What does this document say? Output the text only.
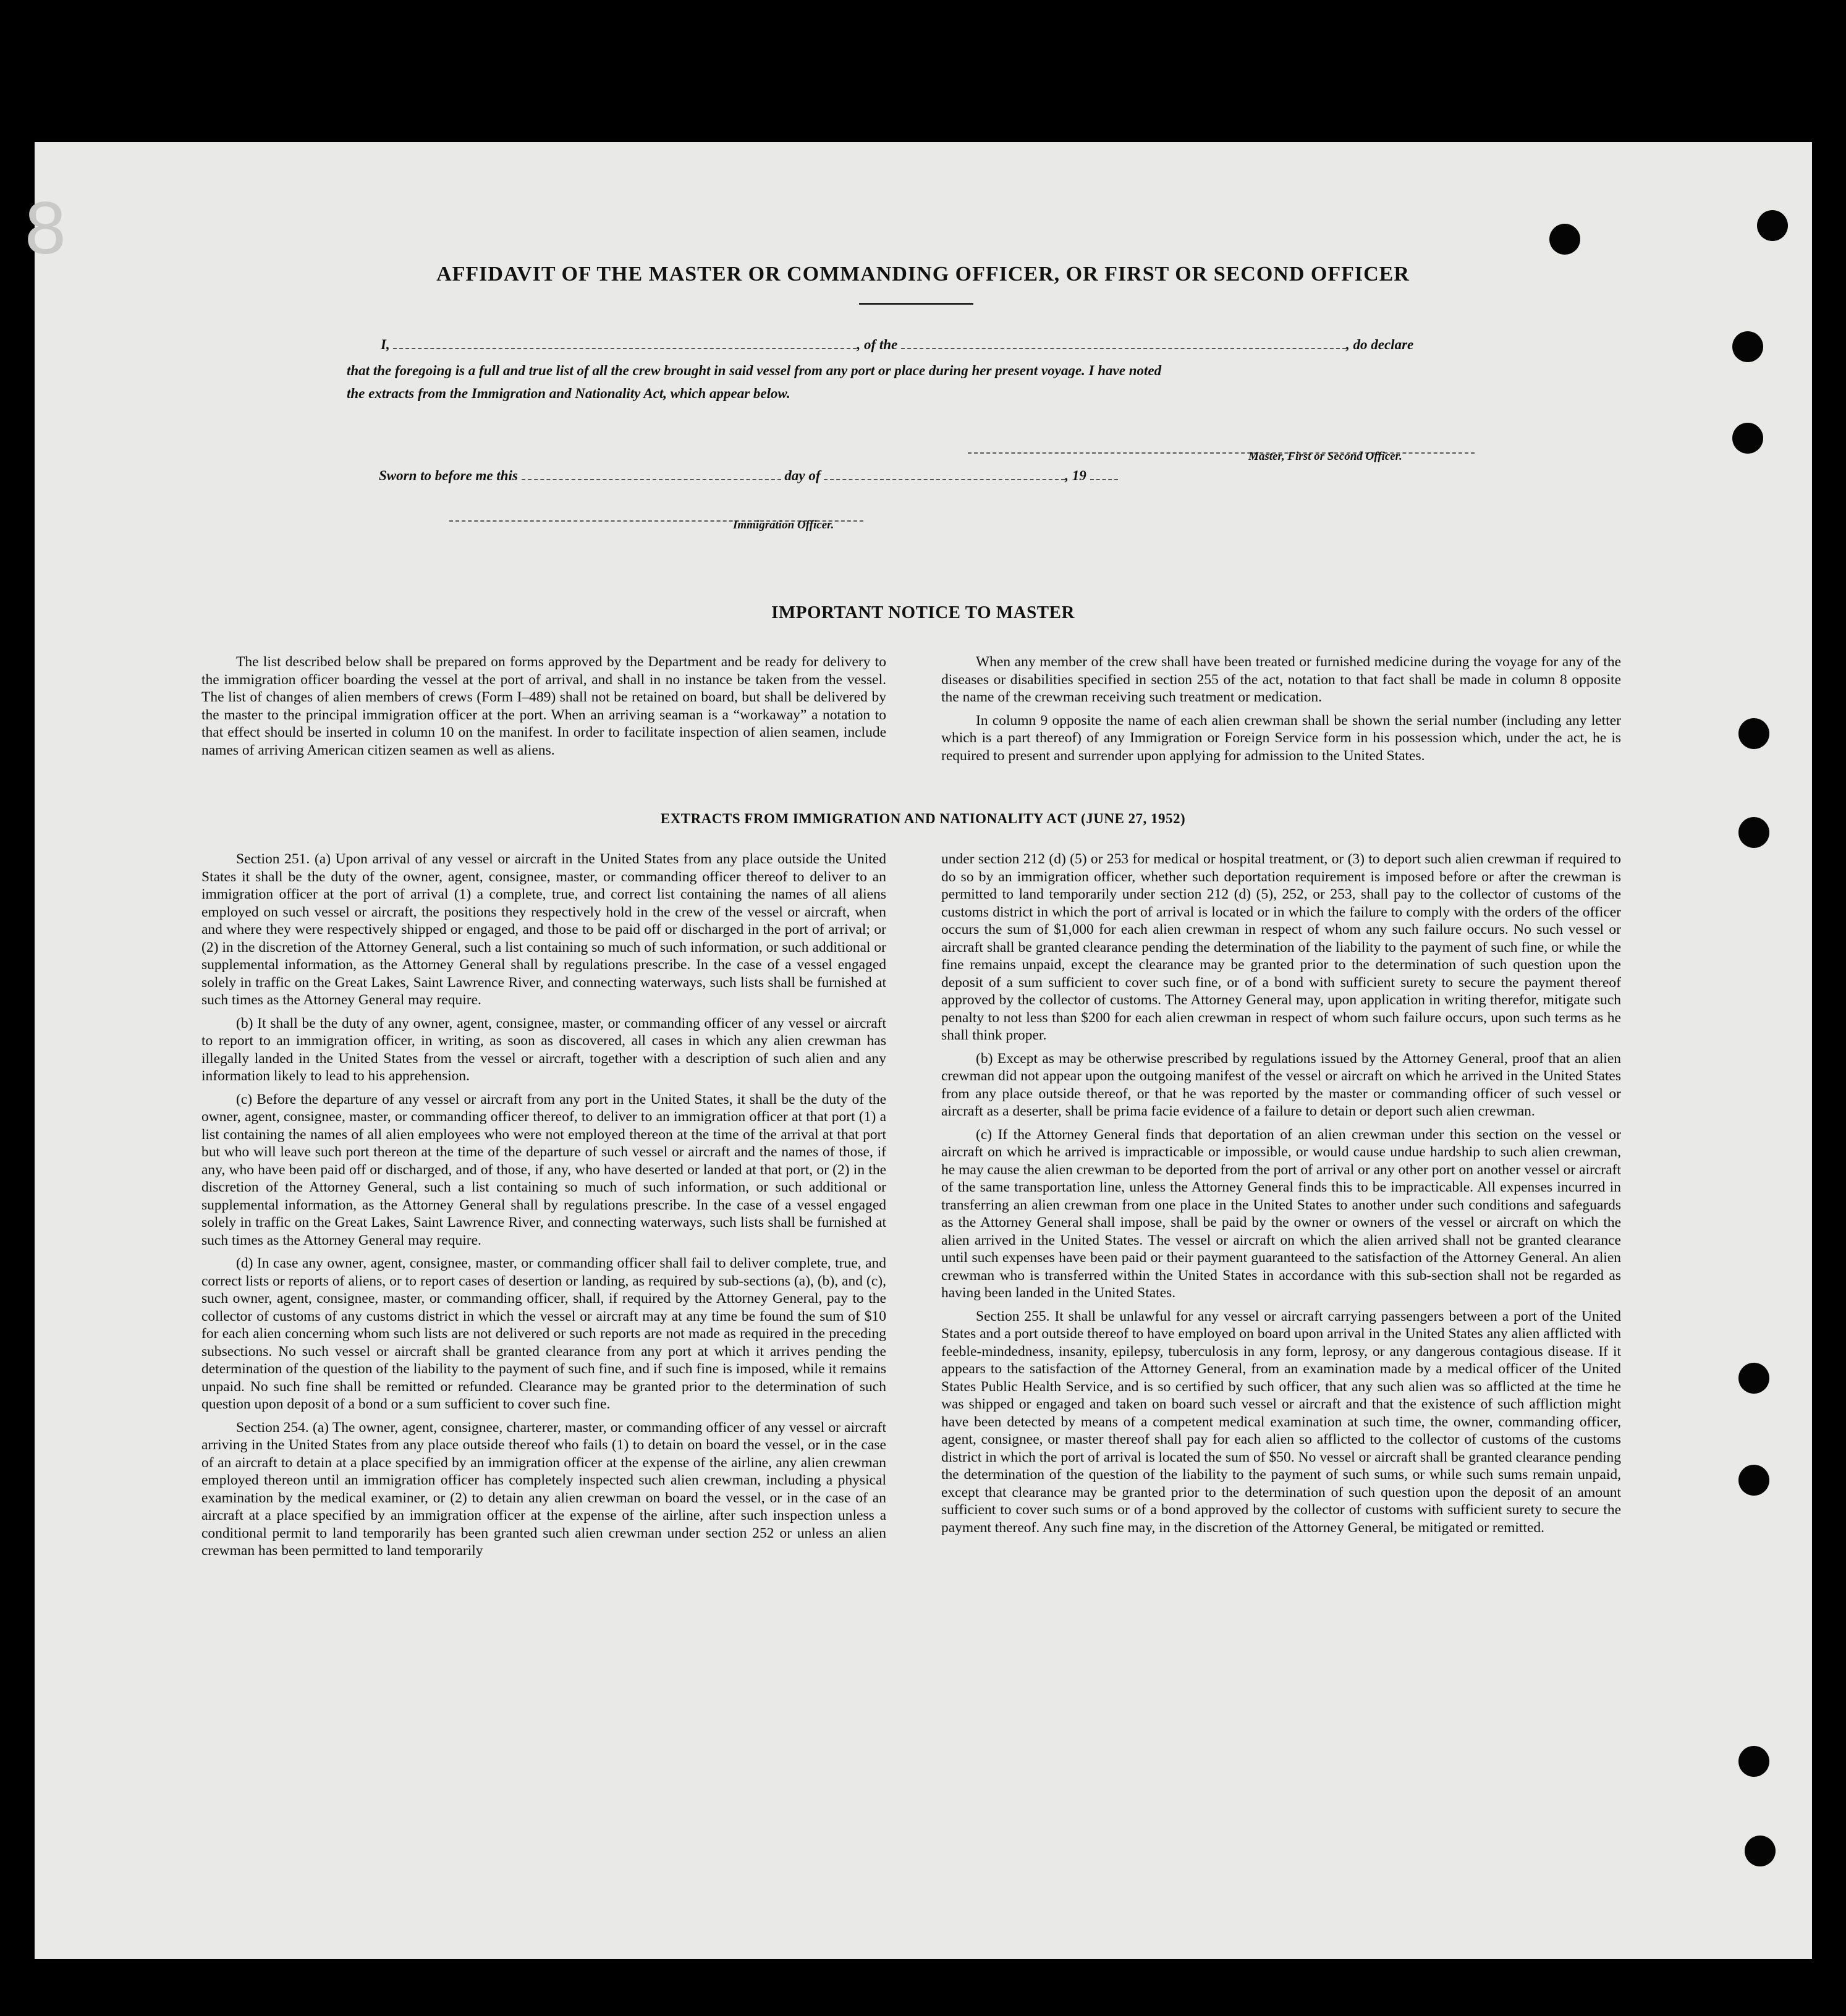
8
AFFIDAVIT OF THE MASTER OR COMMANDING OFFICER, OR FIRST OR SECOND OFFICER
I,	, of the	, do declare
that the foregoing is a full and true list of all the crew brought in said vessel from any port or place during her present voyage. I have noted
the extracts from the Immigration and Nationality Act, which appear below.
Master, First or Second Officer.
Sworn to before me this	day of	, 19
Immigration Officer.
IMPORTANT NOTICE TO MASTER

The list described below shall be prepared on forms approved by the Department and be ready for delivery to the immigration officer boarding the vessel at the port of arrival, and shall in no instance be taken from the vessel. The list of changes of alien members of crews (Form I–489) shall not be retained on board, but shall be delivered by the master to the principal immigration officer at the port. When an arriving seaman is a “workaway” a notation to that effect should be inserted in column 10 on the manifest. In order to facilitate inspection of alien seamen, include names of arriving American citizen seamen as well as aliens.

When any member of the crew shall have been treated or furnished medicine during the voyage for any of the diseases or disabilities specified in section 255 of the act, notation to that fact shall be made in column 8 opposite the name of the crewman receiving such treatment or medication.

In column 9 opposite the name of each alien crewman shall be shown the serial number (including any letter which is a part thereof) of any Immigration or Foreign Service form in his possession which, under the act, he is required to present and surrender upon applying for admission to the United States.

EXTRACTS FROM IMMIGRATION AND NATIONALITY ACT (JUNE 27, 1952)

Section 251. (a) Upon arrival of any vessel or aircraft in the United States from any place outside the United States it shall be the duty of the owner, agent, consignee, master, or commanding officer thereof to deliver to an immigration officer at the port of arrival (1) a complete, true, and correct list containing the names of all aliens employed on such vessel or aircraft, the positions they respectively hold in the crew of the vessel or aircraft, when and where they were respectively shipped or engaged, and those to be paid off or discharged in the port of arrival; or (2) in the discretion of the Attorney General, such a list containing so much of such information, or such additional or supplemental information, as the Attorney General shall by regulations prescribe. In the case of a vessel engaged solely in traffic on the Great Lakes, Saint Lawrence River, and connecting waterways, such lists shall be furnished at such times as the Attorney General may require.

(b) It shall be the duty of any owner, agent, consignee, master, or commanding officer of any vessel or aircraft to report to an immigration officer, in writing, as soon as discovered, all cases in which any alien crewman has illegally landed in the United States from the vessel or aircraft, together with a description of such alien and any information likely to lead to his apprehension.

(c) Before the departure of any vessel or aircraft from any port in the United States, it shall be the duty of the owner, agent, consignee, master, or commanding officer thereof, to deliver to an immigration officer at that port (1) a list containing the names of all alien employees who were not employed thereon at the time of the arrival at that port but who will leave such port thereon at the time of the departure of such vessel or aircraft and the names of those, if any, who have been paid off or discharged, and of those, if any, who have deserted or landed at that port, or (2) in the discretion of the Attorney General, such a list containing so much of such information, or such additional or supplemental information, as the Attorney General shall by regulations prescribe. In the case of a vessel engaged solely in traffic on the Great Lakes, Saint Lawrence River, and connecting waterways, such lists shall be furnished at such times as the Attorney General may require.

(d) In case any owner, agent, consignee, master, or commanding officer shall fail to deliver complete, true, and correct lists or reports of aliens, or to report cases of desertion or landing, as required by sub-sections (a), (b), and (c), such owner, agent, consignee, master, or commanding officer, shall, if required by the Attorney General, pay to the collector of customs of any customs district in which the vessel or aircraft may at any time be found the sum of $10 for each alien concerning whom such lists are not delivered or such reports are not made as required in the preceding subsections. No such vessel or aircraft shall be granted clearance from any port at which it arrives pending the determination of the question of the liability to the payment of such fine, and if such fine is imposed, while it remains unpaid. No such fine shall be remitted or refunded. Clearance may be granted prior to the determination of such question upon deposit of a bond or a sum sufficient to cover such fine.

Section 254. (a) The owner, agent, consignee, charterer, master, or commanding officer of any vessel or aircraft arriving in the United States from any place outside thereof who fails (1) to detain on board the vessel, or in the case of an aircraft to detain at a place specified by an immigration officer at the expense of the airline, any alien crewman employed thereon until an immigration officer has completely inspected such alien crewman, including a physical examination by the medical examiner, or (2) to detain any alien crewman on board the vessel, or in the case of an aircraft at a place specified by an immigration officer at the expense of the airline, after such inspection unless a conditional permit to land temporarily has been granted such alien crewman under section 252 or unless an alien crewman has been permitted to land temporarily

under section 212 (d) (5) or 253 for medical or hospital treatment, or (3) to deport such alien crewman if required to do so by an immigration officer, whether such deportation requirement is imposed before or after the crewman is permitted to land temporarily under section 212 (d) (5), 252, or 253, shall pay to the collector of customs of the customs district in which the port of arrival is located or in which the failure to comply with the orders of the officer occurs the sum of $1,000 for each alien crewman in respect of whom any such failure occurs. No such vessel or aircraft shall be granted clearance pending the determination of the liability to the payment of such fine, or while the fine remains unpaid, except the clearance may be granted prior to the determination of such question upon the deposit of a sum sufficient to cover such fine, or of a bond with sufficient surety to secure the payment thereof approved by the collector of customs. The Attorney General may, upon application in writing therefor, mitigate such penalty to not less than $200 for each alien crewman in respect of whom such failure occurs, upon such terms as he shall think proper.

(b) Except as may be otherwise prescribed by regulations issued by the Attorney General, proof that an alien crewman did not appear upon the outgoing manifest of the vessel or aircraft on which he arrived in the United States from any place outside thereof, or that he was reported by the master or commanding officer of such vessel or aircraft as a deserter, shall be prima facie evidence of a failure to detain or deport such alien crewman.

(c) If the Attorney General finds that deportation of an alien crewman under this section on the vessel or aircraft on which he arrived is impracticable or impossible, or would cause undue hardship to such alien crewman, he may cause the alien crewman to be deported from the port of arrival or any other port on another vessel or aircraft of the same transportation line, unless the Attorney General finds this to be impracticable. All expenses incurred in transferring an alien crewman from one place in the United States to another under such conditions and safeguards as the Attorney General shall impose, shall be paid by the owner or owners of the vessel or aircraft on which the alien arrived in the United States. The vessel or aircraft on which the alien arrived shall not be granted clearance until such expenses have been paid or their payment guaranteed to the satisfaction of the Attorney General. An alien crewman who is transferred within the United States in accordance with this sub-section shall not be regarded as having been landed in the United States.

Section 255. It shall be unlawful for any vessel or aircraft carrying passengers between a port of the United States and a port outside thereof to have employed on board upon arrival in the United States any alien afflicted with feeble-mindedness, insanity, epilepsy, tuberculosis in any form, leprosy, or any dangerous contagious disease. If it appears to the satisfaction of the Attorney General, from an examination made by a medical officer of the United States Public Health Service, and is so certified by such officer, that any such alien was so afflicted at the time he was shipped or engaged and taken on board such vessel or aircraft and that the existence of such affliction might have been detected by means of a competent medical examination at such time, the owner, commanding officer, agent, consignee, or master thereof shall pay for each alien so afflicted to the collector of customs of the customs district in which the port of arrival is located the sum of $50. No vessel or aircraft shall be granted clearance pending the determination of the question of the liability to the payment of such sums, or while such sums remain unpaid, except that clearance may be granted prior to the determination of such question upon the deposit of an amount sufficient to cover such sums or of a bond approved by the collector of customs with sufficient surety to secure the payment thereof. Any such fine may, in the discretion of the Attorney General, be mitigated or remitted.
